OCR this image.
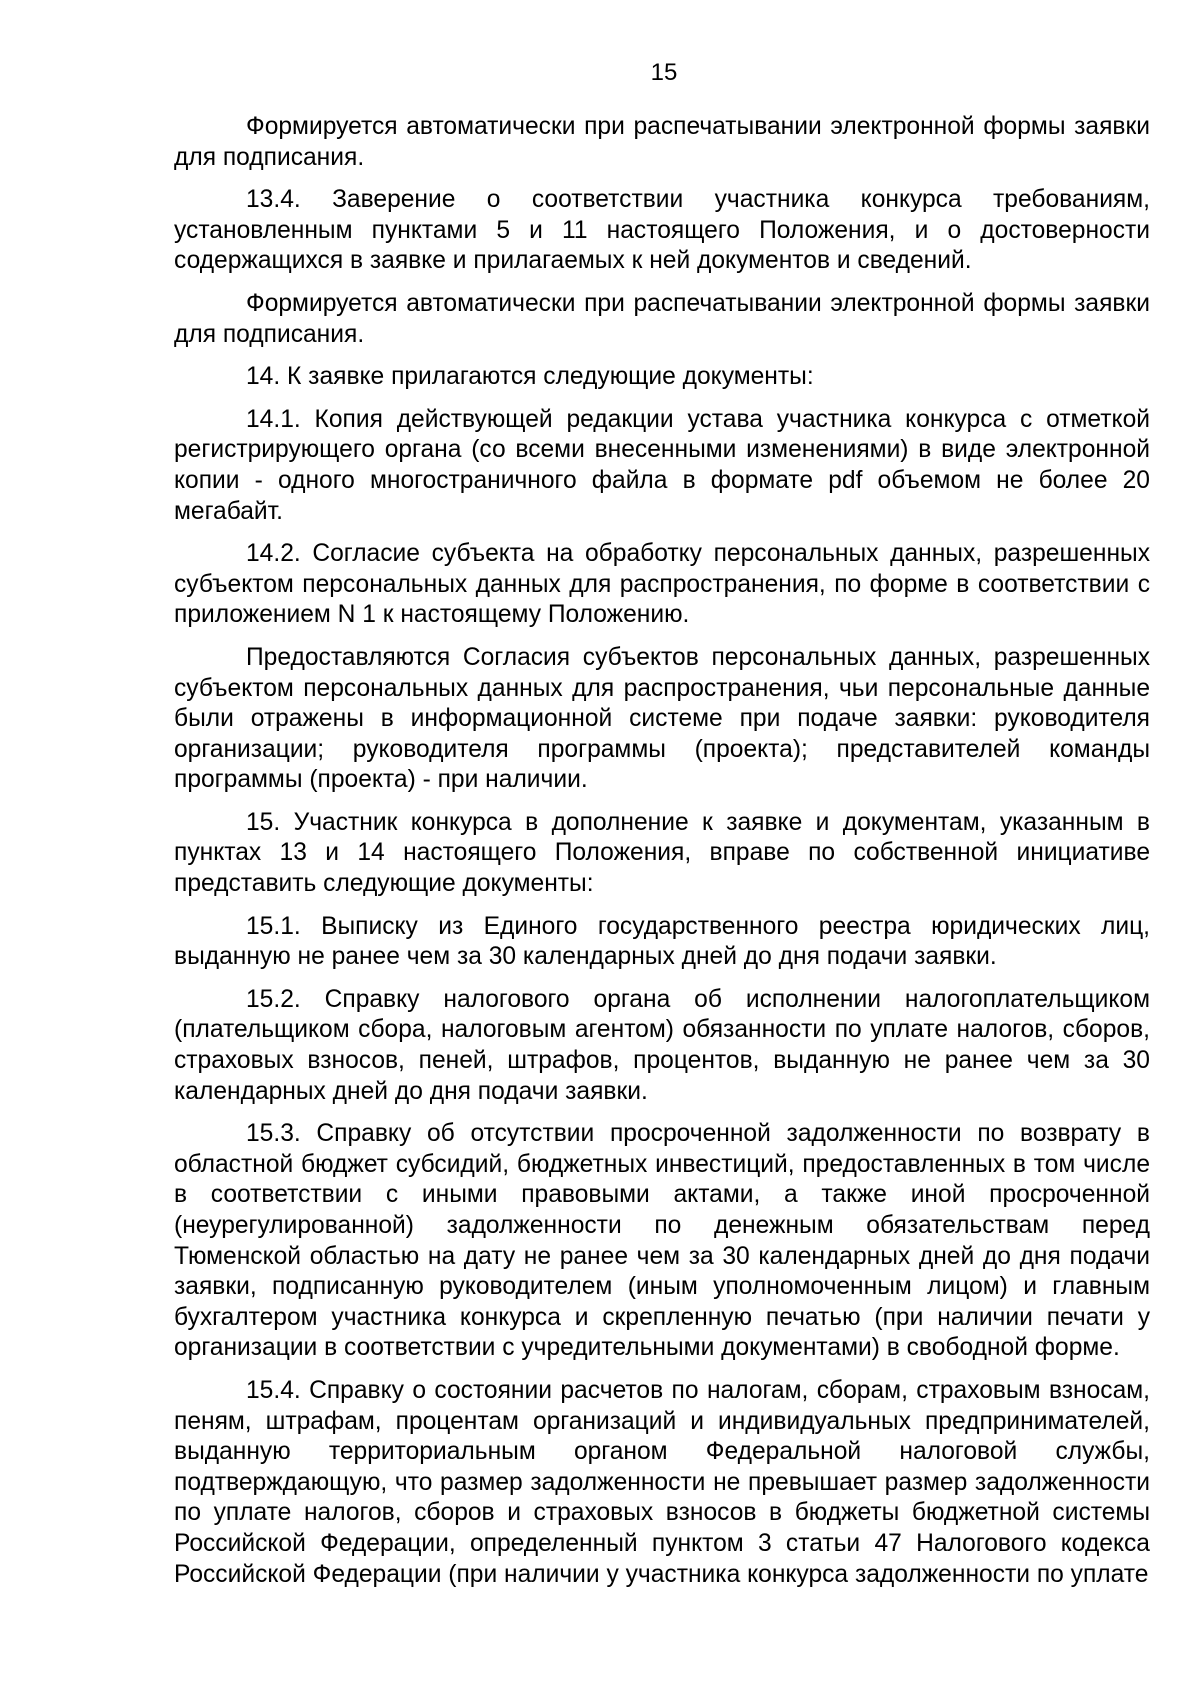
15

Формируется автоматически при распечатывании электронной формы заявки для подписания.

13.4. Заверение о соответствии участника конкурса требованиям, установленным пунктами 5 и 11 настоящего Положения, и о достоверности содержащихся в заявке и прилагаемых к ней документов и сведений.

Формируется автоматически при распечатывании электронной формы заявки для подписания.

14. К заявке прилагаются следующие документы:

14.1. Копия действующей редакции устава участника конкурса с отметкой регистрирующего органа (со всеми внесенными изменениями) в виде электронной копии - одного многостраничного файла в формате pdf объемом не более 20 мегабайт.

14.2. Согласие субъекта на обработку персональных данных, разрешенных субъектом персональных данных для распространения, по форме в соответствии с приложением N 1 к настоящему Положению.

Предоставляются Согласия субъектов персональных данных, разрешенных субъектом персональных данных для распространения, чьи персональные данные были отражены в информационной системе при подаче заявки: руководителя организации; руководителя программы (проекта); представителей команды программы (проекта) - при наличии.

15. Участник конкурса в дополнение к заявке и документам, указанным в пунктах 13 и 14 настоящего Положения, вправе по собственной инициативе представить следующие документы:

15.1. Выписку из Единого государственного реестра юридических лиц, выданную не ранее чем за 30 календарных дней до дня подачи заявки.

15.2. Справку налогового органа об исполнении налогоплательщиком (плательщиком сбора, налоговым агентом) обязанности по уплате налогов, сборов, страховых взносов, пеней, штрафов, процентов, выданную не ранее чем за 30 календарных дней до дня подачи заявки.

15.3. Справку об отсутствии просроченной задолженности по возврату в областной бюджет субсидий, бюджетных инвестиций, предоставленных в том числе в соответствии с иными правовыми актами, а также иной просроченной (неурегулированной) задолженности по денежным обязательствам перед Тюменской областью на дату не ранее чем за 30 календарных дней до дня подачи заявки, подписанную руководителем (иным уполномоченным лицом) и главным бухгалтером участника конкурса и скрепленную печатью (при наличии печати у организации в соответствии с учредительными документами) в свободной форме.

15.4. Справку о состоянии расчетов по налогам, сборам, страховым взносам, пеням, штрафам, процентам организаций и индивидуальных предпринимателей, выданную территориальным органом Федеральной налоговой службы, подтверждающую, что размер задолженности не превышает размер задолженности по уплате налогов, сборов и страховых взносов в бюджеты бюджетной системы Российской Федерации, определенный пунктом 3 статьи 47 Налогового кодекса Российской Федерации (при наличии у участника конкурса задолженности по уплате
